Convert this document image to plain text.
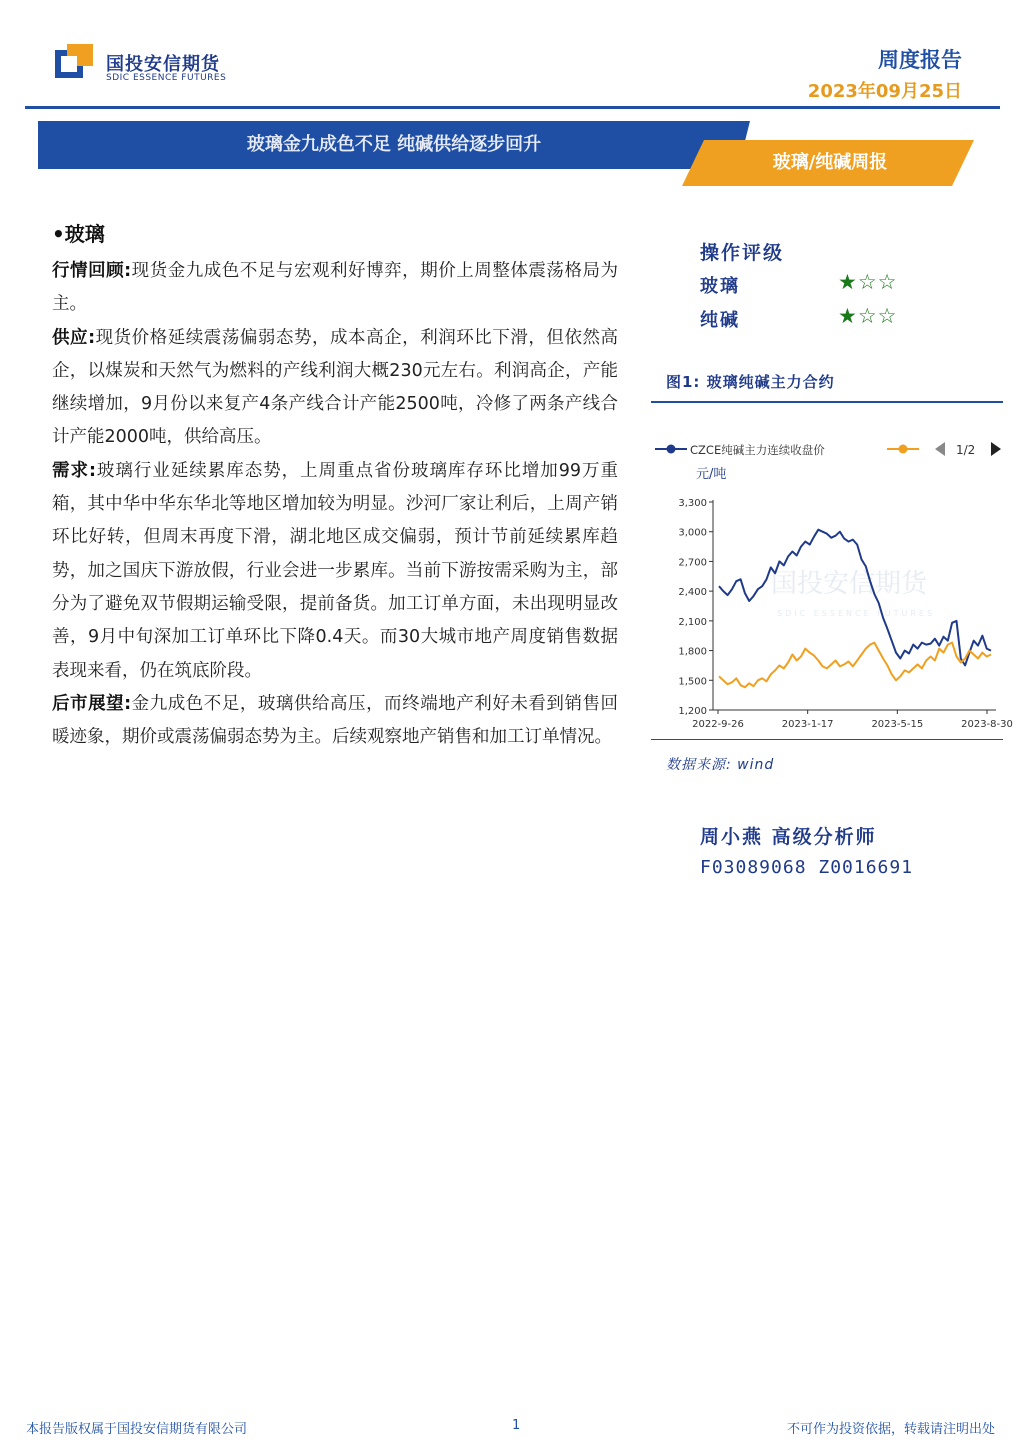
国投安信期货
SDIC ESSENCE FUTURES
周度报告
2023年09月25日
玻璃金九成色不足 纯碱供给逐步回升
玻璃/纯碱周报
•玻璃

行情回顾:现货金九成色不足与宏观利好博弈，期价上周整体震荡格局为主。

供应:现货价格延续震荡偏弱态势，成本高企，利润环比下滑，但依然高企，以煤炭和天然气为燃料的产线利润大概230元左右。利润高企，产能继续增加，9月份以来复产4条产线合计产能2500吨，冷修了两条产线合计产能2000吨，供给高压。

需求:玻璃行业延续累库态势，上周重点省份玻璃库存环比增加99万重箱，其中华中华东华北等地区增加较为明显。沙河厂家让利后，上周产销环比好转，但周末再度下滑，湖北地区成交偏弱，预计节前延续累库趋势，加之国庆下游放假，行业会进一步累库。当前下游按需采购为主，部分为了避免双节假期运输受限，提前备货。加工订单方面，未出现明显改善，9月中旬深加工订单环比下降0.4天。而30大城市地产周度销售数据表现来看，仍在筑底阶段。

后市展望:金九成色不足，玻璃供给高压，而终端地产利好未看到销售回暖迹象，期价或震荡偏弱态势为主。后续观察地产销售和加工订单情况。

操作评级
玻璃	★☆☆
纯碱	★☆☆
图1: 玻璃纯碱主力合约
CZCE纯碱主力连续收盘价	1/2
元/吨
国投安信期货
SDIC ESSENCE FUTURES
3,300
3,000
2,700
2,400
2,100
1,800
1,500
1,200
2022-9-26	2023-1-17	2023-5-15	2023-8-30
数据来源: wind
周小燕 高级分析师
F03089068 Z0016691
本报告版权属于国投安信期货有限公司	1	不可作为投资依据，转载请注明出处
